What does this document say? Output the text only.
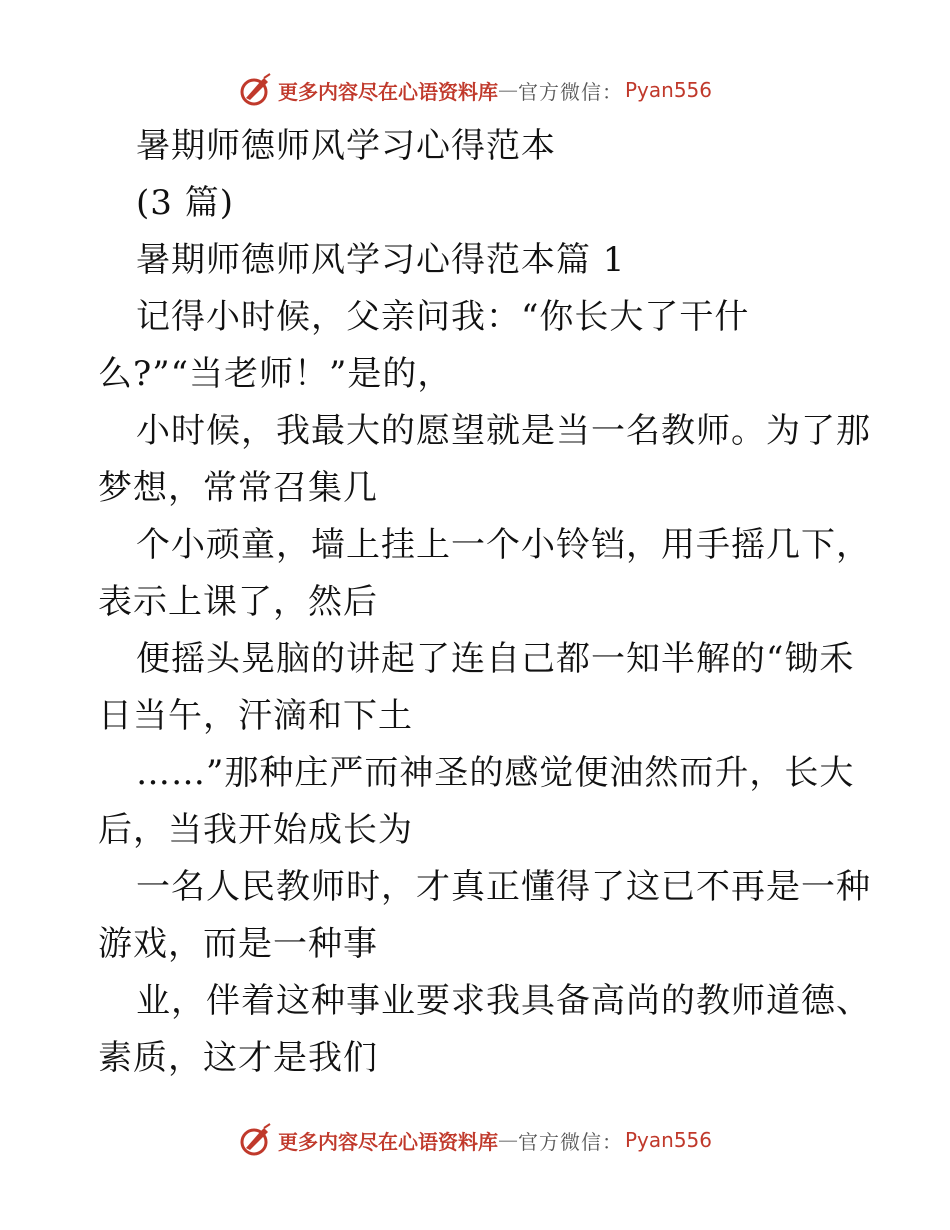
更多内容尽在心语资料库 — 官方微信： Pyan556
暑期师德师风学习心得范本
(3 篇)
暑期师德师风学习心得范本篇 1
记得小时候，父亲问我：“你长大了干什
么?”“当老师！”是的，
小时候，我最大的愿望就是当一名教师。为了那
梦想，常常召集几
个小顽童，墙上挂上一个小铃铛，用手摇几下，
表示上课了，然后
便摇头晃脑的讲起了连自己都一知半解的“锄禾
日当午，汗滴和下土
……”那种庄严而神圣的感觉便油然而升，长大
后，当我开始成长为
一名人民教师时，才真正懂得了这已不再是一种
游戏，而是一种事
业，伴着这种事业要求我具备高尚的教师道德、
素质，这才是我们
更多内容尽在心语资料库 — 官方微信： Pyan556
